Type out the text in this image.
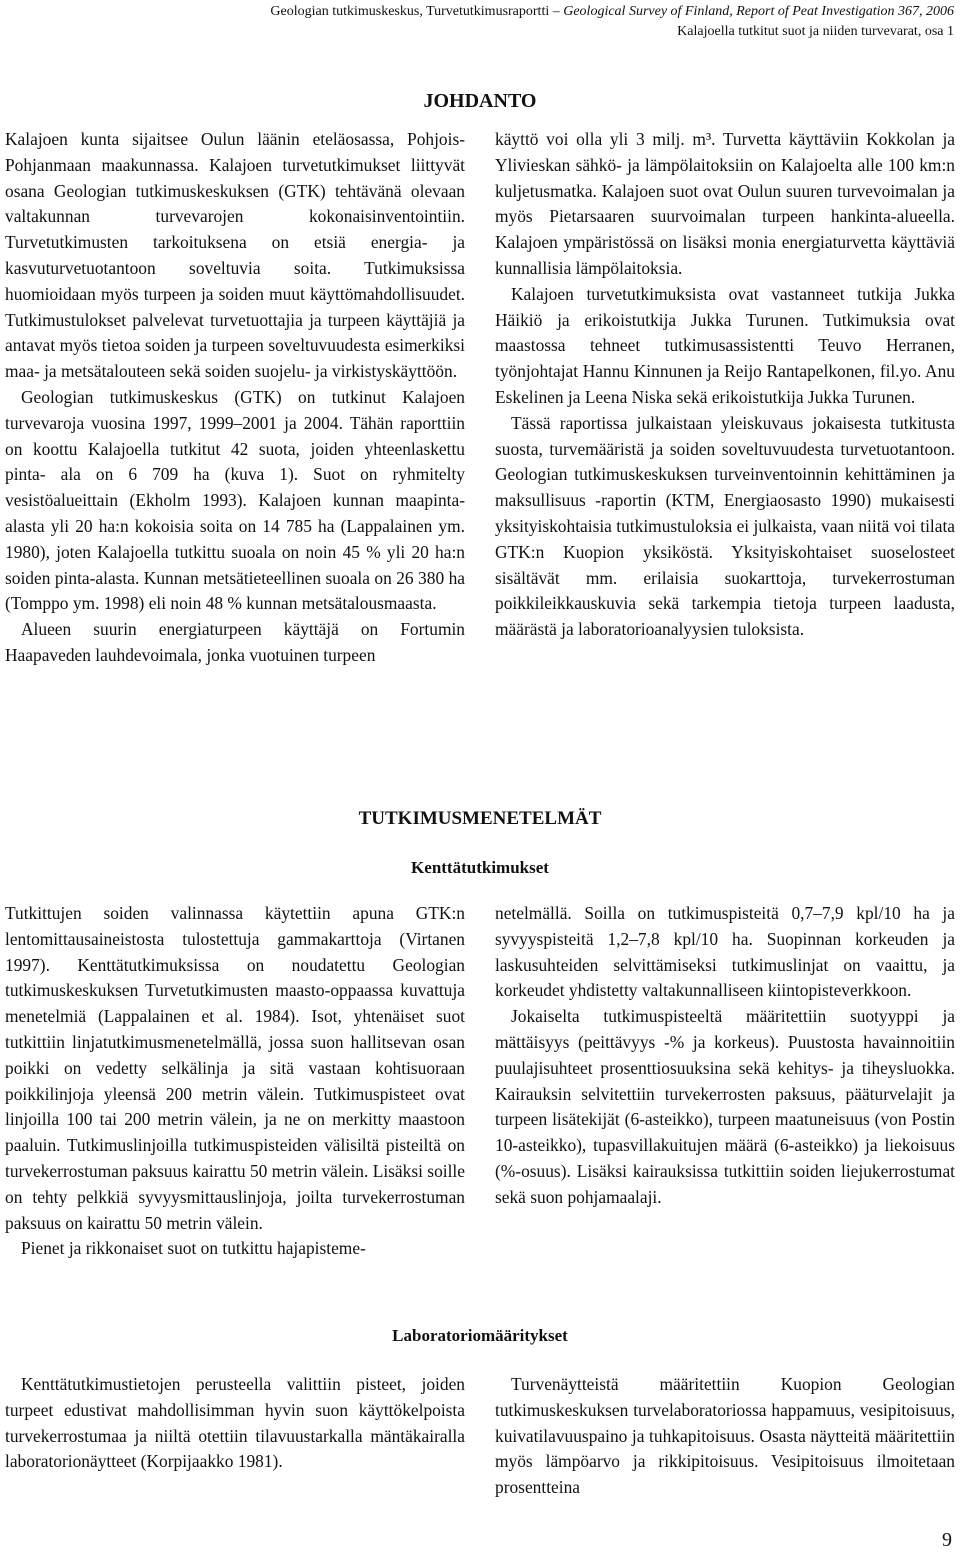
Geologian tutkimuskeskus, Turvetutkimusraportti – Geological Survey of Finland, Report of Peat Investigation 367, 2006
Kalajoella tutkitut suot ja niiden turvevarat, osa 1
JOHDANTO

Kalajoen kunta sijaitsee Oulun läänin eteläosassa, Pohjois-Pohjanmaan maakunnassa. Kalajoen turvetutkimukset liittyvät osana Geologian tutkimuskeskuksen (GTK) tehtävänä olevaan valtakunnan turvevarojen kokonaisinventointiin. Turvetutkimusten tarkoituksena on etsiä energia- ja kasvuturvetuotantoon soveltuvia soita. Tutkimuksissa huomioidaan myös turpeen ja soiden muut käyttömahdollisuudet. Tutkimustulokset palvelevat turvetuottajia ja turpeen käyttäjiä ja antavat myös tietoa soiden ja turpeen soveltuvuudesta esimerkiksi maa- ja metsätalouteen sekä soiden suojelu- ja virkistyskäyttöön.

Geologian tutkimuskeskus (GTK) on tutkinut Kalajoen turvevaroja vuosina 1997, 1999–2001 ja 2004. Tähän raporttiin on koottu Kalajoella tutkitut 42 suota, joiden yhteenlaskettu pinta- ala on 6 709 ha (kuva 1). Suot on ryhmitelty vesistöalueittain (Ekholm 1993). Kalajoen kunnan maapinta-alasta yli 20 ha:n kokoisia soita on 14 785 ha (Lappalainen ym. 1980), joten Kalajoella tutkittu suoala on noin 45 % yli 20 ha:n soiden pinta-alasta. Kunnan metsätieteellinen suoala on 26 380 ha (Tomppo ym. 1998) eli noin 48 % kunnan metsätalousmaasta.

Alueen suurin energiaturpeen käyttäjä on Fortumin Haapaveden lauhdevoimala, jonka vuotuinen turpeen

käyttö voi olla yli 3 milj. m³. Turvetta käyttäviin Kokkolan ja Ylivieskan sähkö- ja lämpölaitoksiin on Kalajoelta alle 100 km:n kuljetusmatka. Kalajoen suot ovat Oulun suuren turvevoimalan ja myös Pietarsaaren suurvoimalan turpeen hankinta-alueella. Kalajoen ympäristössä on lisäksi monia energiaturvetta käyttäviä kunnallisia lämpölaitoksia.

Kalajoen turvetutkimuksista ovat vastanneet tutkija Jukka Häikiö ja erikoistutkija Jukka Turunen. Tutkimuksia ovat maastossa tehneet tutkimusassistentti Teuvo Herranen, työnjohtajat Hannu Kinnunen ja Reijo Rantapelkonen, fil.yo. Anu Eskelinen ja Leena Niska sekä erikoistutkija Jukka Turunen.

Tässä raportissa julkaistaan yleiskuvaus jokaisesta tutkitusta suosta, turvemääristä ja soiden soveltuvuudesta turvetuotantoon. Geologian tutkimuskeskuksen turveinventoinnin kehittäminen ja maksullisuus -raportin (KTM, Energiaosasto 1990) mukaisesti yksityiskohtaisia tutkimustuloksia ei julkaista, vaan niitä voi tilata GTK:n Kuopion yksiköstä. Yksityiskohtaiset suoselosteet sisältävät mm. erilaisia suokarttoja, turvekerrostuman poikkileikkauskuvia sekä tarkempia tietoja turpeen laadusta, määrästä ja laboratorioanalyysien tuloksista.

TUTKIMUSMENETELMÄT
Kenttätutkimukset

Tutkittujen soiden valinnassa käytettiin apuna GTK:n lentomittausaineistosta tulostettuja gammakarttoja (Virtanen 1997). Kenttätutkimuksissa on noudatettu Geologian tutkimuskeskuksen Turvetutkimusten maasto-oppaassa kuvattuja menetelmiä (Lappalainen et al. 1984). Isot, yhtenäiset suot tutkittiin linjatutkimusmenetelmällä, jossa suon hallitsevan osan poikki on vedetty selkälinja ja sitä vastaan kohtisuoraan poikkilinjoja yleensä 200 metrin välein. Tutkimuspisteet ovat linjoilla 100 tai 200 metrin välein, ja ne on merkitty maastoon paaluin. Tutkimuslinjoilla tutkimuspisteiden välisiltä pisteiltä on turvekerrostuman paksuus kairattu 50 metrin välein. Lisäksi soille on tehty pelkkiä syvyysmittauslinjoja, joilta turvekerrostuman paksuus on kairattu 50 metrin välein.

Pienet ja rikkonaiset suot on tutkittu hajapisteme-

netelmällä. Soilla on tutkimuspisteitä 0,7–7,9 kpl/10 ha ja syvyyspisteitä 1,2–7,8 kpl/10 ha. Suopinnan korkeuden ja laskusuhteiden selvittämiseksi tutkimuslinjat on vaaittu, ja korkeudet yhdistetty valtakunnalliseen kiintopisteverkkoon.

Jokaiselta tutkimuspisteeltä määritettiin suotyyppi ja mättäisyys (peittävyys -% ja korkeus). Puustosta havainnoitiin puulajisuhteet prosenttiosuuksina sekä kehitys- ja tiheysluokka. Kairauksin selvitettiin turvekerrosten paksuus, pääturvelajit ja turpeen lisätekijät (6-asteikko), turpeen maatuneisuus (von Postin 10-asteikko), tupasvillakuitujen määrä (6-asteikko) ja liekoisuus (%-osuus). Lisäksi kairauksissa tutkittiin soiden liejukerrostumat sekä suon pohjamaalaji.

Laboratoriomääritykset

Kenttätutkimustietojen perusteella valittiin pisteet, joiden turpeet edustivat mahdollisimman hyvin suon käyttökelpoista turvekerrostumaa ja niiltä otettiin tilavuustarkalla mäntäkairalla laboratorionäytteet (Korpijaakko 1981).

Turvenäytteistä määritettiin Kuopion Geologian tutkimuskeskuksen turvelaboratoriossa happamuus, vesipitoisuus, kuivatilavuuspaino ja tuhkapitoisuus. Osasta näytteitä määritettiin myös lämpöarvo ja rikkipitoisuus. Vesipitoisuus ilmoitetaan prosentteina

9
